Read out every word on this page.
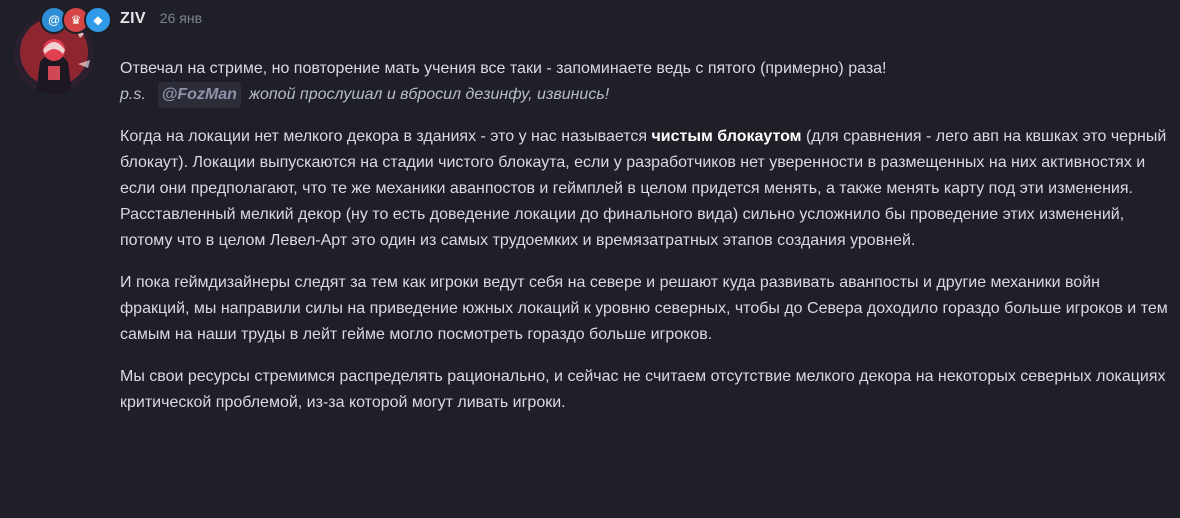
@ ♛	◆	ZIV 26 янв

Отвечал на стриме, но повторение мать учения все таки - запоминаете ведь с пятого (примерно) раза!

p.s. @FozMan жопой прослушал и вбросил дезинфу, извинись!

Когда на локации нет мелкого декора в зданиях - это у нас называется чистым блокаутом (для сравнения - лего авп на квшках это черный блокаут). Локации выпускаются на стадии чистого блокаута, если у разработчиков нет уверенности в размещенных на них активностях и если они предполагают, что те же механики аванпостов и геймплей в целом придется менять, а также менять карту под эти изменения. Расставленный мелкий декор (ну то есть доведение локации до финального вида) сильно усложнило бы проведение этих изменений, потому что в целом Левел-Арт это один из самых трудоемких и времязатратных этапов создания уровней.

И пока геймдизайнеры следят за тем как игроки ведут себя на севере и решают куда развивать аванпосты и другие механики войн фракций, мы направили силы на приведение южных локаций к уровню северных, чтобы до Севера доходило гораздо больше игроков и тем самым на наши труды в лейт гейме могло посмотреть гораздо больше игроков.

Мы свои ресурсы стремимся распределять рационально, и сейчас не считаем отсутствие мелкого декора на некоторых северных локациях критической проблемой, из-за которой могут ливать игроки.
